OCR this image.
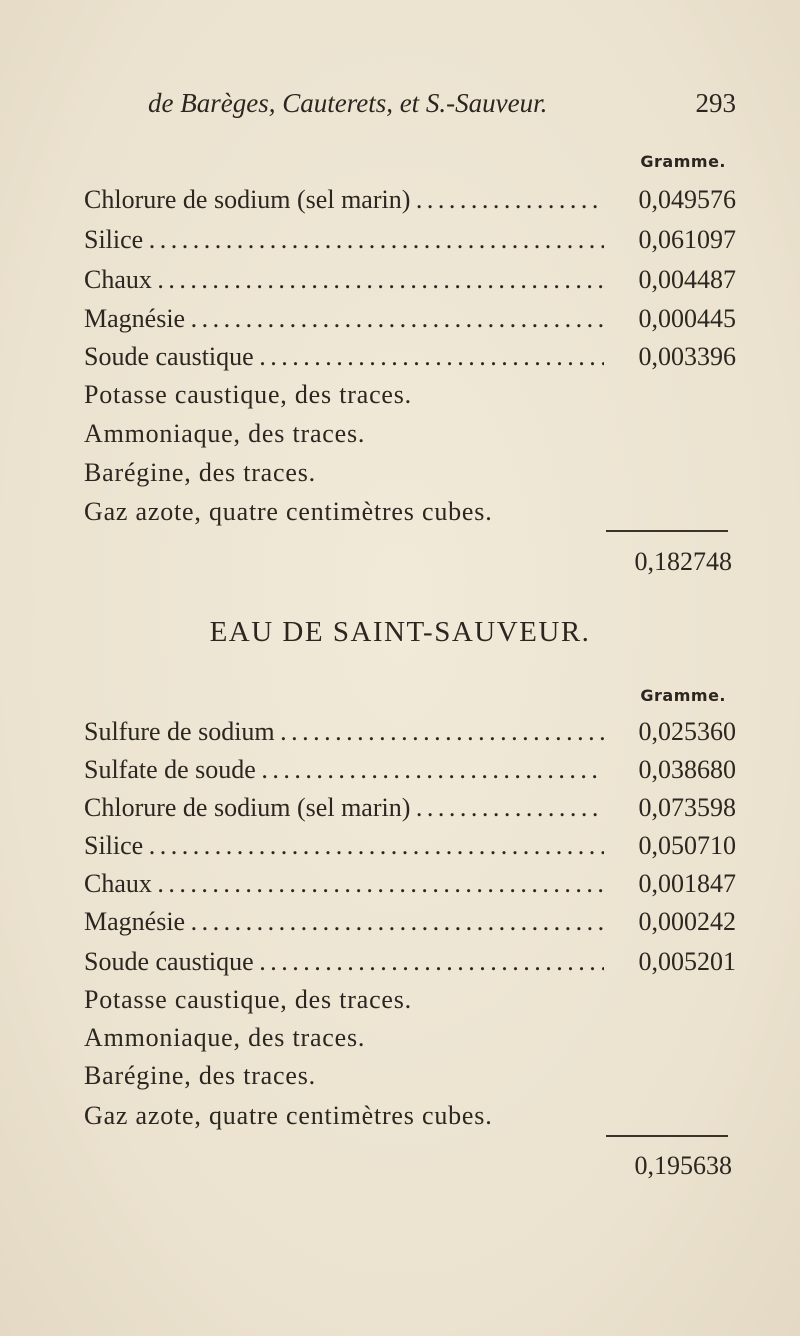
de Barèges, Cauterets, et S.-Sauveur.	293
Gramme.
Chlorure de sodium (sel marin) . . .	0,049576
Silice . . .	0,061097
Chaux . . .	0,004487
Magnésie . . .	0,000445
Soude caustique . . .	0,003396
Potasse caustique, des traces.
Ammoniaque, des traces.
Barégine, des traces.
Gaz azote, quatre centimètres cubes.
0,182748
EAU DE SAINT-SAUVEUR.
Gramme.
Sulfure de sodium . . .	0,025360
Sulfate de soude . . .	0,038680
Chlorure de sodium (sel marin) . . .	0,073598
Silice . . .	0,050710
Chaux . . .	0,001847
Magnésie . . .	0,000242
Soude caustique . . .	0,005201
Potasse caustique, des traces.
Ammoniaque, des traces.
Barégine, des traces.
Gaz azote, quatre centimètres cubes.
0,195638
